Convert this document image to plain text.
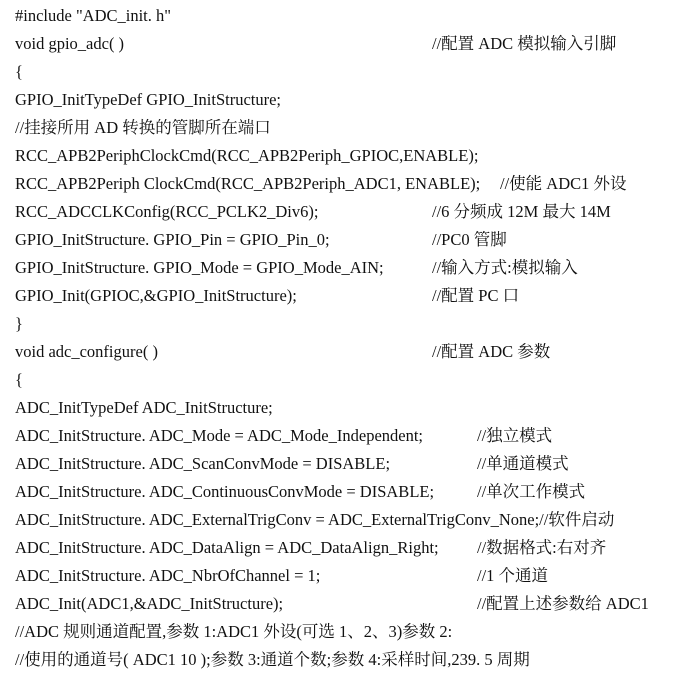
#include "ADC_init. h"
void gpio_adc( )	//配置 ADC 模拟输入引脚
{
GPIO_InitTypeDef GPIO_InitStructure;
//挂接所用 AD 转换的管脚所在端口
RCC_APB2PeriphClockCmd(RCC_APB2Periph_GPIOC,ENABLE);
RCC_APB2Periph ClockCmd(RCC_APB2Periph_ADC1, ENABLE); //使能 ADC1 外设
RCC_ADCCLKConfig(RCC_PCLK2_Div6);	//6 分频成 12M 最大 14M
GPIO_InitStructure. GPIO_Pin = GPIO_Pin_0;	//PC0 管脚
GPIO_InitStructure. GPIO_Mode = GPIO_Mode_AIN;	//输入方式:模拟输入
GPIO_Init(GPIOC,&GPIO_InitStructure);	//配置 PC 口
}
void adc_configure( )	//配置 ADC 参数
{
ADC_InitTypeDef ADC_InitStructure;
ADC_InitStructure. ADC_Mode = ADC_Mode_Independent;	//独立模式
ADC_InitStructure. ADC_ScanConvMode = DISABLE;	//单通道模式
ADC_InitStructure. ADC_ContinuousConvMode = DISABLE;	//单次工作模式
ADC_InitStructure. ADC_ExternalTrigConv = ADC_ExternalTrigConv_None;//软件启动
ADC_InitStructure. ADC_DataAlign = ADC_DataAlign_Right; //数据格式:右对齐
ADC_InitStructure. ADC_NbrOfChannel = 1;	//1 个通道
ADC_Init(ADC1,&ADC_InitStructure);	//配置上述参数给 ADC1
//ADC 规则通道配置,参数 1:ADC1 外设(可选 1、2、3)参数 2:
//使用的通道号( ADC1 10 );参数 3:通道个数;参数 4:采样时间,239. 5 周期
